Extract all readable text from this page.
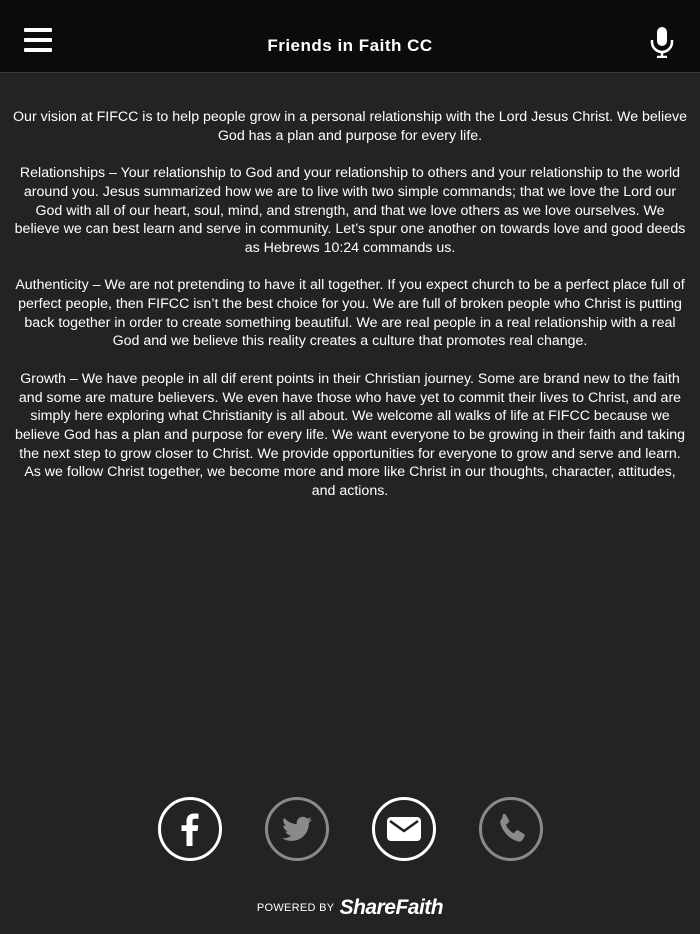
Friends in Faith CC

Our vision at FIFCC is to help people grow in a personal relationship with the Lord Jesus Christ. We believe God has a plan and purpose for every life.

Relationships – Your relationship to God and your relationship to others and your relationship to the world around you. Jesus summarized how we are to live with two simple commands; that we love the Lord our God with all of our heart, soul, mind, and strength, and that we love others as we love ourselves. We believe we can best learn and serve in community. Let’s spur one another on towards love and good deeds as Hebrews 10:24 commands us.

Authenticity – We are not pretending to have it all together. If you expect church to be a perfect place full of perfect people, then FIFCC isn’t the best choice for you. We are full of broken people who Christ is putting back together in order to create something beautiful. We are real people in a real relationship with a real God and we believe this reality creates a culture that promotes real change.

Growth – We have people in all dif erent points in their Christian journey. Some are brand new to the faith and some are mature believers. We even have those who have yet to commit their lives to Christ, and are simply here exploring what Christianity is all about. We welcome all walks of life at FIFCC because we believe God has a plan and purpose for every life. We want everyone to be growing in their faith and taking the next step to grow closer to Christ. We provide opportunities for everyone to grow and serve and learn. As we follow Christ together, we become more and more like Christ in our thoughts, character, attitudes, and actions.

POWERED BY ShareFaith
